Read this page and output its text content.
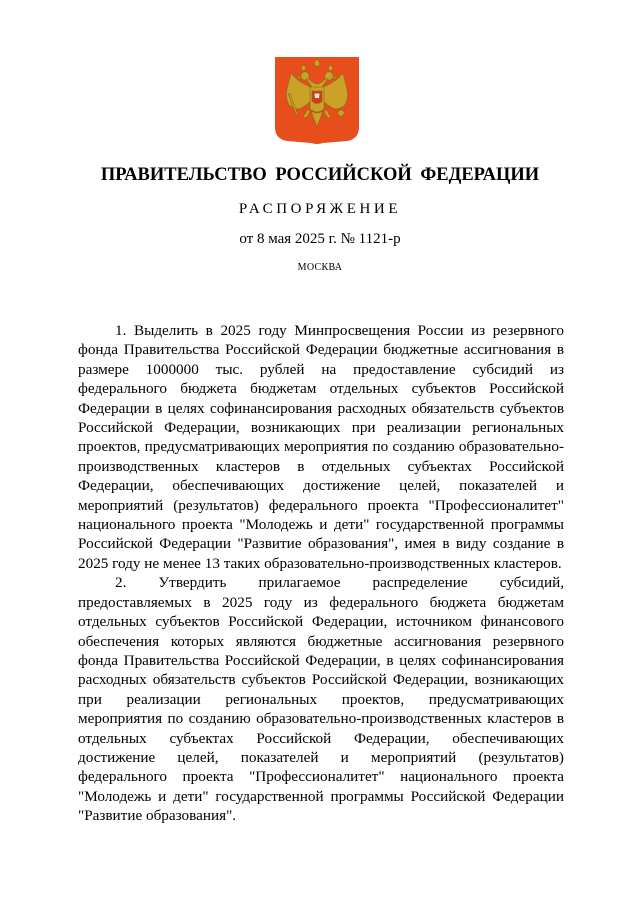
ПРАВИТЕЛЬСТВО РОССИЙСКОЙ ФЕДЕРАЦИИ
РАСПОРЯЖЕНИЕ
от 8 мая 2025 г. № 1121-р
МОСКВА

1. Выделить в 2025 году Минпросвещения России из резервного фонда Правительства Российской Федерации бюджетные ассигнования в размере 1000000 тыс. рублей на предоставление субсидий из федерального бюджета бюджетам отдельных субъектов Российской Федерации в целях софинансирования расходных обязательств субъектов Российской Федерации, возникающих при реализации региональных проектов, предусматривающих мероприятия по созданию образовательно-производственных кластеров в отдельных субъектах Российской Федерации, обеспечивающих достижение целей, показателей и мероприятий (результатов) федерального проекта "Профессионалитет" национального проекта "Молодежь и дети" государственной программы Российской Федерации "Развитие образования", имея в виду создание в 2025 году не менее 13 таких образовательно-производственных кластеров.

2. Утвердить прилагаемое распределение субсидий, предоставляемых в 2025 году из федерального бюджета бюджетам отдельных субъектов Российской Федерации, источником финансового обеспечения которых являются бюджетные ассигнования резервного фонда Правительства Российской Федерации, в целях софинансирования расходных обязательств субъектов Российской Федерации, возникающих при реализации региональных проектов, предусматривающих мероприятия по созданию образовательно-производственных кластеров в отдельных субъектах Российской Федерации, обеспечивающих достижение целей, показателей и мероприятий (результатов) федерального проекта "Профессионалитет" национального проекта "Молодежь и дети" государственной программы Российской Федерации "Развитие образования".
